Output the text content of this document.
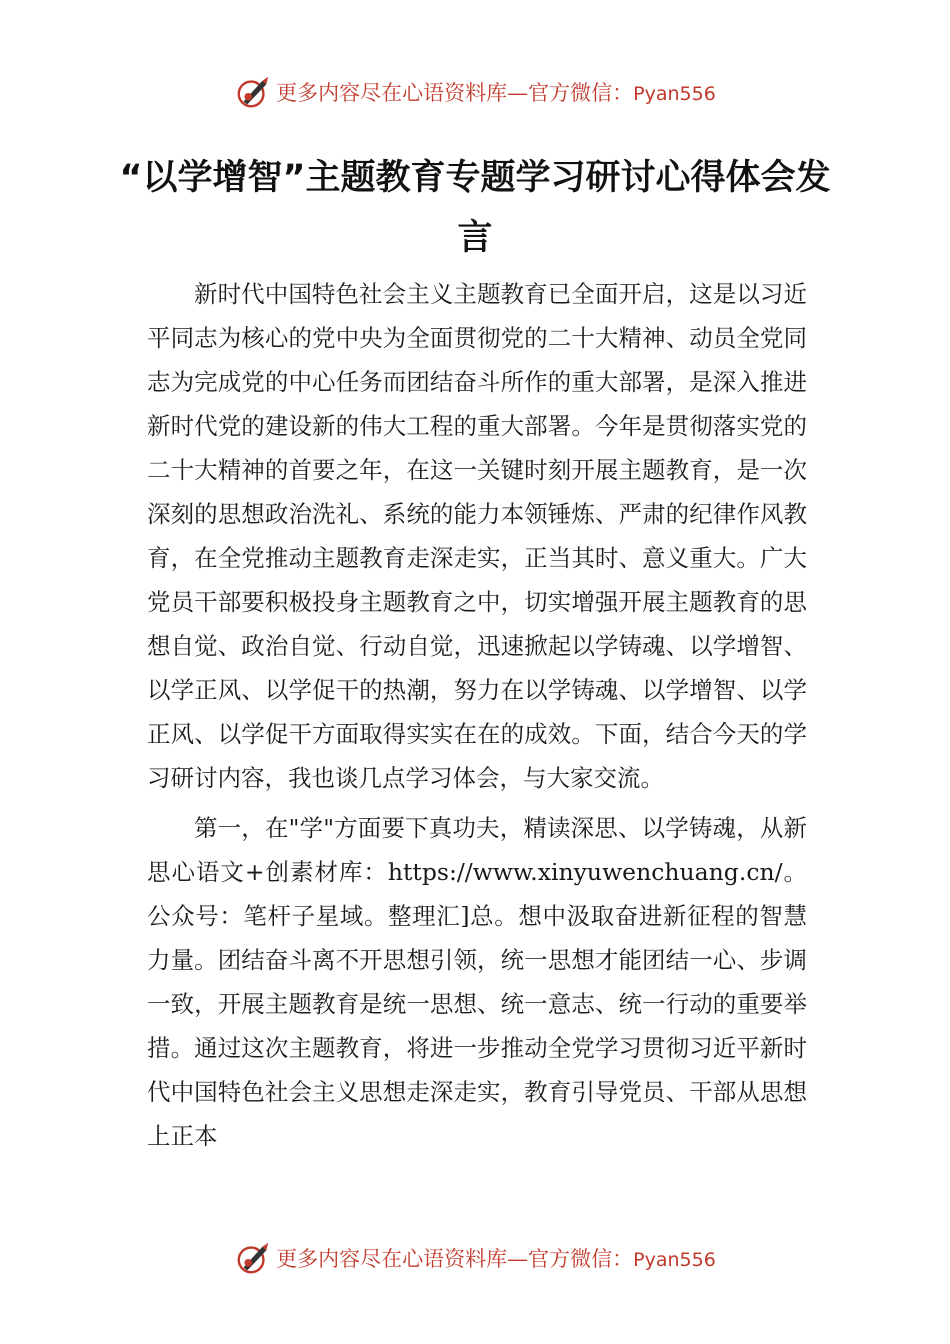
更多内容尽在心语资料库—官方微信：Pyan556
“以学增智”主题教育专题学习研讨心得体会发言

新时代中国特色社会主义主题教育已全面开启，这是以习近平同志为核心的党中央为全面贯彻党的二十大精神、动员全党同志为完成党的中心任务而团结奋斗所作的重大部署，是深入推进新时代党的建设新的伟大工程的重大部署。今年是贯彻落实党的二十大精神的首要之年，在这一关键时刻开展主题教育，是一次深刻的思想政治洗礼、系统的能力本领锤炼、严肃的纪律作风教育，在全党推动主题教育走深走实，正当其时、意义重大。广大党员干部要积极投身主题教育之中，切实增强开展主题教育的思想自觉、政治自觉、行动自觉，迅速掀起以学铸魂、以学增智、以学正风、以学促干的热潮，努力在以学铸魂、以学增智、以学正风、以学促干方面取得实实在在的成效。下面，结合今天的学习研讨内容，我也谈几点学习体会，与大家交流。

第一，在"学"方面要下真功夫，精读深思、以学铸魂，从新思心语文+创素材库：https://www.xinyuwenchuang.cn/。公众号：笔杆子星域。整理汇]总。想中汲取奋进新征程的智慧力量。团结奋斗离不开思想引领，统一思想才能团结一心、步调一致，开展主题教育是统一思想、统一意志、统一行动的重要举措。通过这次主题教育，将进一步推动全党学习贯彻习近平新时代中国特色社会主义思想走深走实，教育引导党员、干部从思想上正本

更多内容尽在心语资料库—官方微信：Pyan556
